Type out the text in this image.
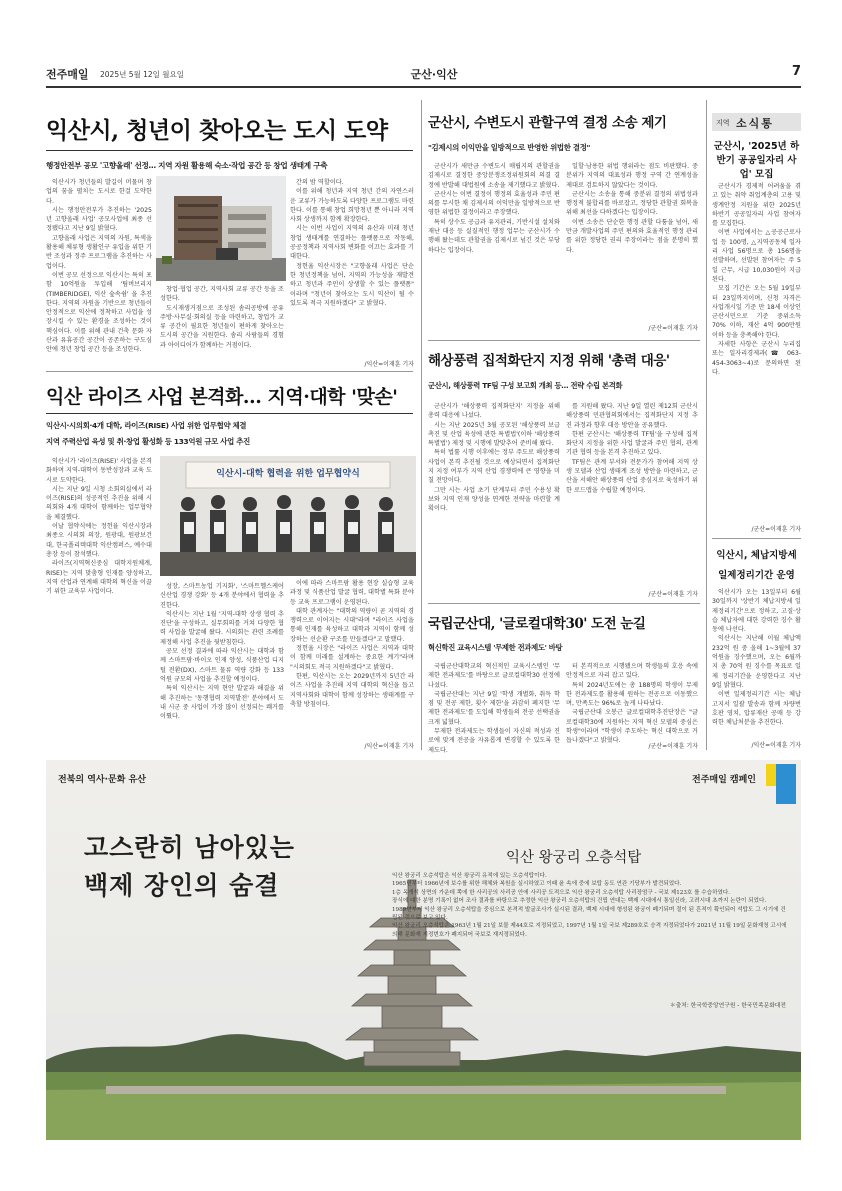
전주매일 2025년 5월 12일 월요일	군산·익산	7
익산시, 청년이 찾아오는 도시 도약
행정안전부 공모 '고향올래' 선정… 지역 자원 활용해 숙소·작업 공간 등 창업 생태계 구축

익산시가 청년들의 발길이 머물며 창업의 꿈을 펼치는 도시로 한걸 도약한다.

시는 행정안전부가 추진하는 '2025년 고향올래 사업' 공모사업에 최종 선정됐다고 지난 9일 밝혔다.

고향올래 사업은 지역의 자원, 특색을 활용해 체류형 생활인구 유입을 위한 기반 조성과 정주 프로그램을 추진하는 사업이다.

이번 공모 선정으로 익산시는 특히 포함 10억원을 투입해 '팀버브리지(TIMBERIDGE), 익산 숲속쉼' 을 추진한다. 지역의 자원을 기반으로 청년들이 안정적으로 익산에 정착하고 사업을 성장시킬 수 있는 환경을 조성하는 것이 핵심이다. 이를 위해 관내 건축 문화 자산과 유휴공간 공간이 공존하는 구도심 안에 청년 창업 공간 등을 조성한다.

창업·협업 공간, 지역사회 교류 공간 등을 조성한다.

도시재생거점으로 조성된 솜리공방에 공유주방·사무실·회의실 등을 마련하고, 창업가 교류 공간이 필요한 청년들이 편하게 찾아오는 도시의 공간을 지원한다. 솜리 사람들의 경험과 아이디어가 함께하는 거점이다.

간의 밤 역할이다.

이를 위해 청년과 지역 청년 간의 자연스러운 교류가 가능하도록 다양한 프로그램도 마련한다. 이를 통해 창업 희망청년 뿐 아니라 지역사회 상생까지 함께 확장한다.

시는 이번 사업이 지역의 유산과 미래 청년창업 생태계를 연결하는 플랫폼으로 작동해, 공공정책과 지역사회 변화를 이끄는 효과를 기대한다.

정헌율 익산시장은 "고향올래 사업은 단순한 청년정책을 넘어, 지역의 가능성을 재발견하고 청년과 주민이 상생할 수 있는 플랫폼" 이라며 "청년이 찾아오는 도시 익산이 될 수 있도록 적극 지원하겠다" 고 밝혔다.

/익산=이재훈 기자
익산 라이즈 사업 본격화… 지역·대학 '맞손'
익산시·시의회·4개 대학, 라이즈(RISE) 사업 위한 업무협약 체결
지역 주력산업 육성 및 취·창업 활성화 등 133억원 규모 사업 추진

익산시가 '라이즈(RISE)' 사업을 본격화하며 지역-대학이 동반성장과 교육 도시로 도약한다.

시는 지난 9일 시청 소회의실에서 라이즈(RISE)의 성공적인 추진을 위해 시의회와 4개 대학이 함께하는 업무협약을 체결했다.

이날 협약식에는 정헌율 익산시장과 최종오 시의회 의장, 원광대, 원광보건대, 한국폴리텍대학 익산캠퍼스, 예수대 총장 등이 참석했다.

라이즈(지역혁신중심 대학지원체계, RISE)는 지역 맞춤형 인재를 양성하고, 지역 산업과 연계해 대학의 혁신을 이끌기 위한 교육부 사업이다.

익산시-대학 협력을 위한 업무협약식

성장, 스마트농업 기지화', '스마트헬스케어 신산업 경쟁 강화' 등 4개 분야에서 협력을 추진한다.

익산시는 지난 1월 '지역-대학 상생 협력 추진단'을 구성하고, 실무회의를 거쳐 다양한 협력 사업을 발굴해 왔다. 시의회는 관련 조례를 제정해 사업 추진을 뒷받침한다.

공모 선정 결과에 따라 익산시는 대학과 함께 스마트팜·바이오 인재 양성, 식품산업 디지털 전환(DX), 스마트 물류 역량 강화 등 133억원 규모의 사업을 추진할 예정이다.

특히 익산시는 지역 현안 발굴과 해결을 위해 추진하는 '동행협력 지역발전' 분야에서 도내 시군 중 사업이 가장 많이 선정되는 쾌거를 이뤘다.

이에 따라 스마트팜 활용 현장 실습형 교육 과정 및 식품산업 발굴 협력, 대학별 특화 분야 등 교육 프로그램이 운영된다.

대학 관계자는 "대학의 역량이 곧 지역의 경쟁력으로 이어지는 시대"라며 "라이즈 사업을 통해 인재를 육성하고 대학과 지역이 함께 성장하는 선순환 구조를 만들겠다"고 말했다.

정헌율 시장은 "라이즈 사업은 지역과 대학이 함께 미래를 설계하는 중요한 계기"라며 "시의회도 적극 지원하겠다"고 밝혔다.

한편, 익산시는 오는 2029년까지 5년간 라이즈 사업을 추진해 지역 대학의 혁신을 돕고 지역사회와 대학이 함께 성장하는 생태계를 구축할 방침이다.

/익산=이재훈 기자
군산시, 수변도시 관할구역 결정 소송 제기
"김제시의 이익만을 일방적으로 반영한 위법한 결정"

군산시가 새만금 수변도시 매립지의 관할권을 김제시로 결정한 중앙분쟁조정위원회의 의결 결정에 반발해 대법원에 소송을 제기했다고 밝혔다.

군산시는 이번 결정이 행정의 효율성과 주민 편의를 무시한 채 김제시의 이익만을 일방적으로 반영한 위법한 결정이라고 주장했다.

특히 상수도 공급과 유지관리, 기반시설 설치와 재난 대응 등 실질적인 행정 업무는 군산시가 수행해 왔는데도 관할권을 김제시로 넘긴 것은 부당하다는 입장이다.

일할·남용한 위법 행위라는 점도 비판했다. 중분위가 지역의 대표성과 행정 구역 간 연계성을 제대로 검토하지 않았다는 것이다.

군산시는 소송을 통해 중분위 결정의 위법성과 행정적 불합리를 바로잡고, 정당한 관할권 회복을 위해 최선을 다하겠다는 입장이다.

이번 소송은 단순한 행정 관할 다툼을 넘어, 새만금 개발사업의 주민 편의와 효율적인 행정 관리를 위한 정당한 권리 주장이라는 점을 분명히 했다.

/군산=이재훈 기자
해상풍력 집적화단지 지정 위해 '총력 대응'
군산시, 해상풍력 TF팀 구성 보고회 개최 등… 전략 수립 본격화

군산시가 '해상풍력 집적화단지' 지정을 위해 총력 대응에 나섰다.

시는 지난 2025년 3월 공모된 '해상풍력 보급 촉진 및 산업 육성에 관한 특별법'(이하 '해상풍력 특별법') 제정 및 시행에 발맞추어 준비해 왔다.

특히 법률 시행 이후에는 정부 주도로 해상풍력 사업이 본격 추진될 것으로 예상되면서 집적화단지 지정 여부가 지역 산업 경쟁력에 큰 영향을 미칠 전망이다.

그만 시는 사업 초기 단계부터 주민 수용성 확보와 지역 인재 양성을 연계한 전략을 마련할 계획이다.

를 지원해 왔다. 지난 9일 열린 제12회 군산시 해상풍력 민관협의회에서는 집적화단지 지정 추진 과정과 향후 대응 방안을 공유했다.

한편 군산시는 '해상풍력 TF팀'을 구성해 집적화단지 지정을 위한 사업 발굴과 주민 협의, 관계 기관 협력 등을 본격 추진하고 있다.

TF팀은 관계 부서와 전문가가 참여해 지역 상생 모델과 산업 생태계 조성 방안을 마련하고, 군산을 서해안 해상풍력 산업 중심지로 육성하기 위한 로드맵을 수립할 예정이다.

/군산=이재훈 기자
국립군산대, '글로컬대학30' 도전 눈길
혁신학진 교육시스템 '무제한 전과제도' 바탕

국립군산대학교의 혁신적인 교육시스템인 '무제한 전과제도'를 바탕으로 글로컬대학30 선정에 나섰다.

국립군산대는 지난 9일 '학생 개별화, 취득 학점 및 전공 제한, 횟수 제한'을 과감히 폐지한 '무제한 전과제도'를 도입해 학생들의 전공 선택권을 크게 넓혔다.

무제한 전과제도는 학생들이 자신의 적성과 진로에 맞게 전공을 자유롭게 변경할 수 있도록 한 제도다.

터 본격적으로 시행됐으며 학생들의 호응 속에 안정적으로 자리 잡고 있다.

특히 2024년도에는 총 188명의 학생이 무제한 전과제도를 활용해 원하는 전공으로 이동했으며, 만족도는 96%로 높게 나타났다.

국립군산대 오봉근 글로컬대학추진단장은 "글로컬대학30에 지원하는 지역 혁신 모델의 중심은 학생"이라며 "학생이 주도하는 혁신 대학으로 거듭나겠다"고 밝혔다.

/군산=이재훈 기자
지역 소식통
군산시, '2025년 하반기 공공일자리 사업' 모집

군산시가 경제적 어려움을 겪고 있는 취약 취업계층의 고용 및 생계안정 지원을 위한 2025년 하반기 공공일자리 사업 참여자를 모집한다.

이번 사업에서는 △공공근로사업 등 100명, △지역공동체 일자리 사업 56명으로 총 156명을 선발하며, 선발된 참여자는 주 5일 근무, 시급 10,030원이 지급된다.

모집 기간은 오는 5월 19일부터 23일까지이며, 신청 자격은 사업개시일 기준 만 18세 이상인 군산시민으로 기준 중위소득 70% 이하, 재산 4억 900만원 이하 등을 충족해야 한다.

자세한 사항은 군산시 누리집 또는 일자리경제과(☎ 063-454-3063~4)로 문의하면 된다.

/군산=이재훈 기자
익산시, 체납지방세 일제정리기간 운영

익산시가 오는 13일부터 6월 30일까지 '상반기 체납지방세 일제정리기간'으로 정하고, 고질·상습 체납자에 대한 강력한 징수 활동에 나선다.

익산시는 지난해 이월 체납액 232억 원 중 올해 1~3월에 37억원을 징수했으며, 오는 6월까지 총 70억 원 징수를 목표로 일제 정리기간을 운영한다고 지난 9일 밝혔다.

이번 일제정리기간 시는 체납고지서 일괄 발송과 함께 차량번호판 영치, 압류재산 공매 등 강력한 체납처분을 추진한다.

/익산=이재훈 기자
전북의 역사·문화 유산	전주매일 캠페인
고스란히 남아있는
백제 장인의 숨결
익산 왕궁리 오층석탑

익산 왕궁리 오층석탑은 익산 왕궁리 유적에 있는 오층석탑이다.

1965년부터 1966년에 보수를 위한 해체와 복원을 실시하였고 이때 윤 속에 중에 보탑 동도 연관 기당부가 발견되었다.

1층 옥개석 상면의 가운데 쪽에 한 사리공의 사리공 안에 사리공 도적으로 익산 왕궁리 오층석탑 사리장엄구 - 국보 제123호 를 수습하였다.

장식에 대한 분명 기록이 없어 조사 결과를 바탕으로 추정한 익산 왕궁리 오층석탑의 건립 연대는 백제 시대에서 통일신라, 고려시대 초까지 논란이 되었다.

1989년부터 익산 왕궁리 오층석탑을 중심으로 본격적 발굴조사가 실시된 결과, 백제 시대에 형성된 왕궁이 폐기되며 절이 된 흔적이 확인되어 석탑도 그 시기에 건립된 것으로 보고 있다.

익산 왕궁리 오층석탑은 1963년 1월 21일 보물 제44호로 지정되었고, 1997년 1월 1일 국보 제289호로 승격 지정되었다가 2021년 11월 19일 문화재청 고시에 의해 문화재 지정번호가 폐지되어 국보로 재지정되었다.

＊출처: 한국학중앙연구원 - 한국민족문화대전
